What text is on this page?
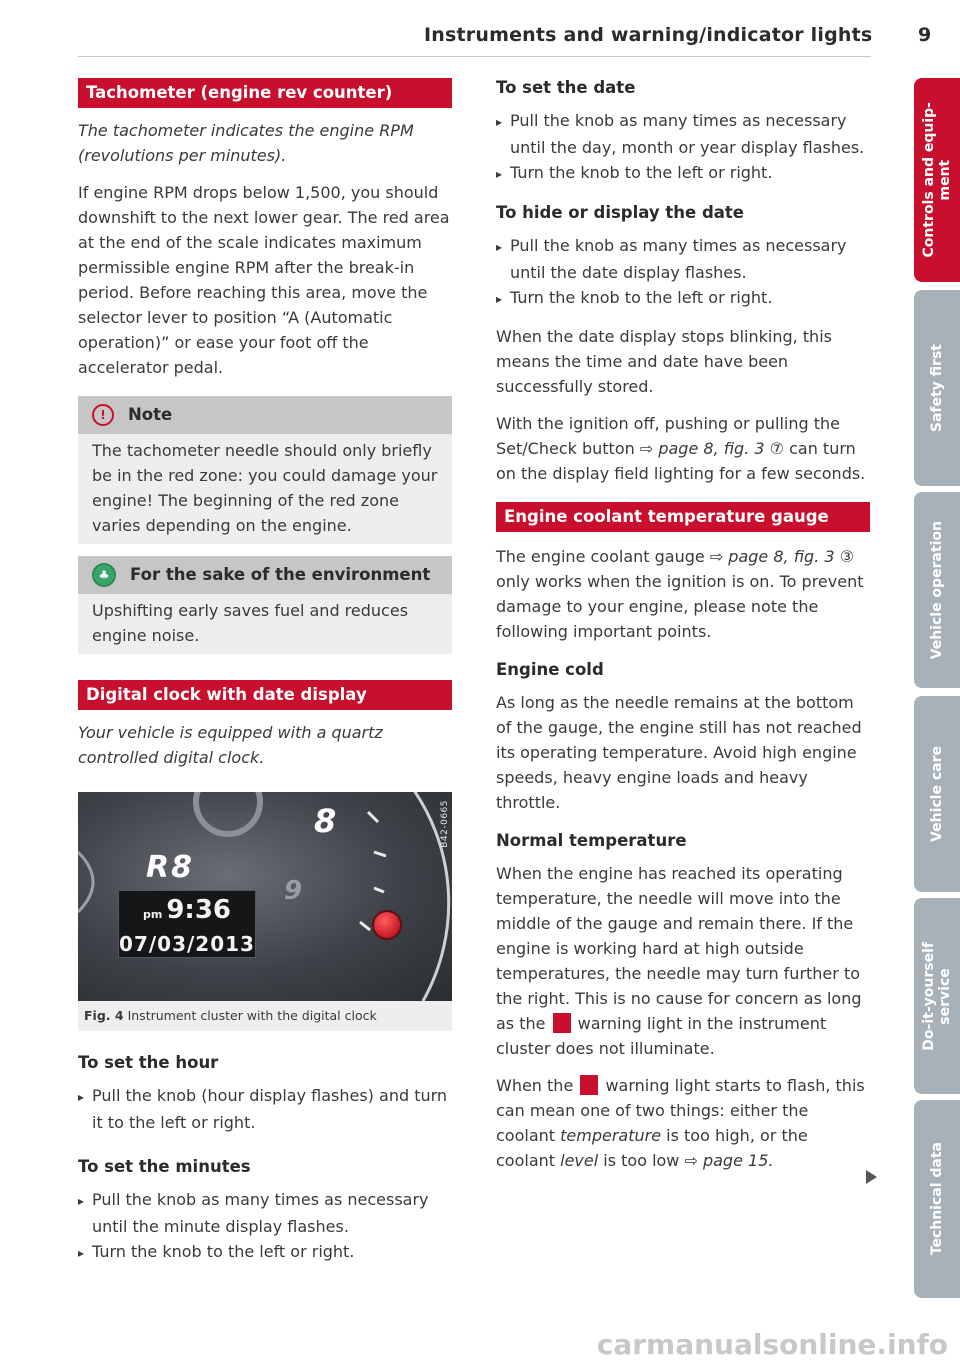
Instruments and warning/indicator lights 9
Tachometer (engine rev counter)

The tachometer indicates the engine RPM (revolutions per minutes).

If engine RPM drops below 1,500, you should downshift to the next lower gear. The red area at the end of the scale indicates maximum permissible engine RPM after the break-in period. Before reaching this area, move the selector lever to position “A (Automatic operation)” or ease your foot off the accelerator pedal.

!	Note

The tachometer needle should only briefly be in the red zone: you could damage your engine! The beginning of the red zone varies depending on the engine.

♣	For the sake of the environment

Upshifting early saves fuel and reduces engine noise.

Digital clock with date display

Your vehicle is equipped with a quartz controlled digital clock.

B42-0665
R8
8
9
pm 9:36
07/03/2013
Fig. 4 Instrument cluster with the digital clock
To set the hour

▸ Pull the knob (hour display flashes) and turn it to the left or right.

To set the minutes

▸ Pull the knob as many times as necessary until the minute display flashes.

▸ Turn the knob to the left or right.

To set the date

▸ Pull the knob as many times as necessary until the day, month or year display flashes.

▸ Turn the knob to the left or right.

To hide or display the date

▸ Pull the knob as many times as necessary until the date display flashes.

▸ Turn the knob to the left or right.

When the date display stops blinking, this means the time and date have been successfully stored.

With the ignition off, pushing or pulling the Set/Check button ⇨ page 8, fig. 3 ⑦ can turn on the display field lighting for a few seconds.

Engine coolant temperature gauge

The engine coolant gauge ⇨ page 8, fig. 3 ③ only works when the ignition is on. To prevent damage to your engine, please note the following important points.

Engine cold

As long as the needle remains at the bottom of the gauge, the engine still has not reached its operating temperature. Avoid high engine speeds, heavy engine loads and heavy throttle.

Normal temperature

When the engine has reached its operating temperature, the needle will move into the middle of the gauge and remain there. If the engine is working hard at high outside temperatures, the needle may turn further to the right. This is no cause for concern as long as the  warning light in the instrument cluster does not illuminate.

When the  warning light starts to flash, this can mean one of two things: either the coolant temperature is too high, or the coolant level is too low ⇨ page 15.

Controls and equip-
ment
Safety first
Vehicle operation
Vehicle care
Do-it-yourself
service
Technical data
carmanualsonline.info
